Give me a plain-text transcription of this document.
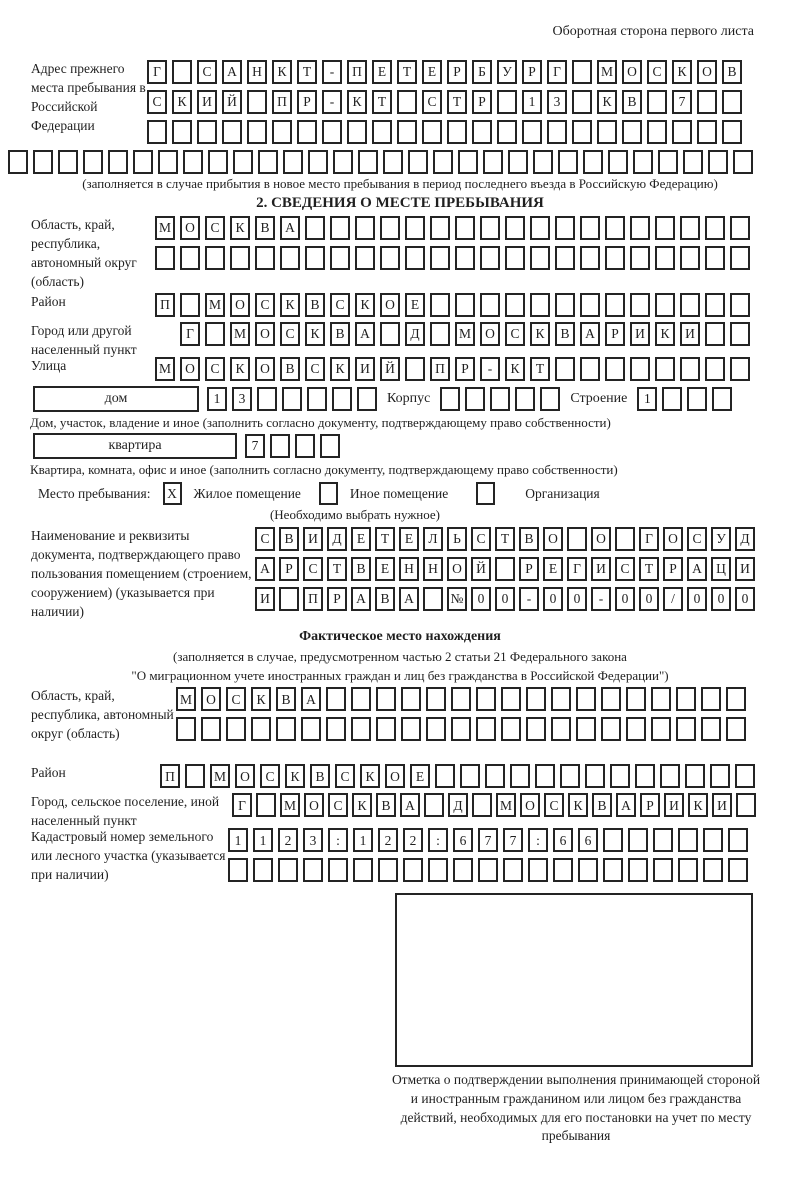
Оборотная сторона первого листа
Адрес прежнего места пребывания в Российской Федерации
Г	С	А	Н	К	Т	-	П	Е	Т	Е	Р	Б	У	Р	Г	М	О	С	К	О	В
С	К	И	Й	П	Р	-	К	Т	С	Т	Р	1	3	К	В	7
(заполняется в случае прибытия в новое место пребывания в период последнего въезда в Российскую Федерацию)
2. СВЕДЕНИЯ О МЕСТЕ ПРЕБЫВАНИЯ
Область, край, республика, автономный округ (область)
М	О	С	К	В	А
Район	П	М	О	С	К	В	С	К	О	Е
Город или другой населенный пункт
Г	М	О	С	К	В	А	Д	М	О	С	К	В	А	Р	И	К	И
Улица	М	О	С	К	О	В	С	К	И	Й	П	Р	-	К	Т
дом	1	3	Корпус	Строение	1
Дом, участок, владение и иное (заполнить согласно документу, подтверждающему право собственности)
квартира	7
Квартира, комната, офис и иное (заполнить согласно документу, подтверждающему право собственности)
Место пребывания:	X	Жилое помещение	Иное помещение	Организация
(Необходимо выбрать нужное)
Наименование и реквизиты документа, подтверждающего право пользования помещением (строением, сооружением) (указывается при наличии)
С	В	И	Д	Е	Т	Е	Л	Ь	С	Т	В	О	О	Г	О	С	У	Д
А	Р	С	Т	В	Е	Н	Н	О	Й	Р	Е	Г	И	С	Т	Р	А	Ц	И
И	П	Р	А	В	А	№	0	0	-	0	0	-	0	0	/	0	0	0
Фактическое место нахождения
(заполняется в случае, предусмотренном частью 2 статьи 21 Федерального закона
"О миграционном учете иностранных граждан и лиц без гражданства в Российской Федерации")
Область, край, республика, автономный округ (область)
М	О	С	К	В	А
Район	П	М	О	С	К	В	С	К	О	Е
Город, сельское поселение, иной населенный пункт
Г	М О	С	К	В	А	Д	М О	С	К	В	А	Р	И	К	И
Кадастровый номер земельного или лесного участка (указывается при наличии)
1	1	2	3	:	1	2	2	:	6	7	7	:	6	6
Отметка о подтверждении выполнения принимающей стороной и иностранным гражданином или лицом без гражданства действий, необходимых для его постановки на учет по месту пребывания
